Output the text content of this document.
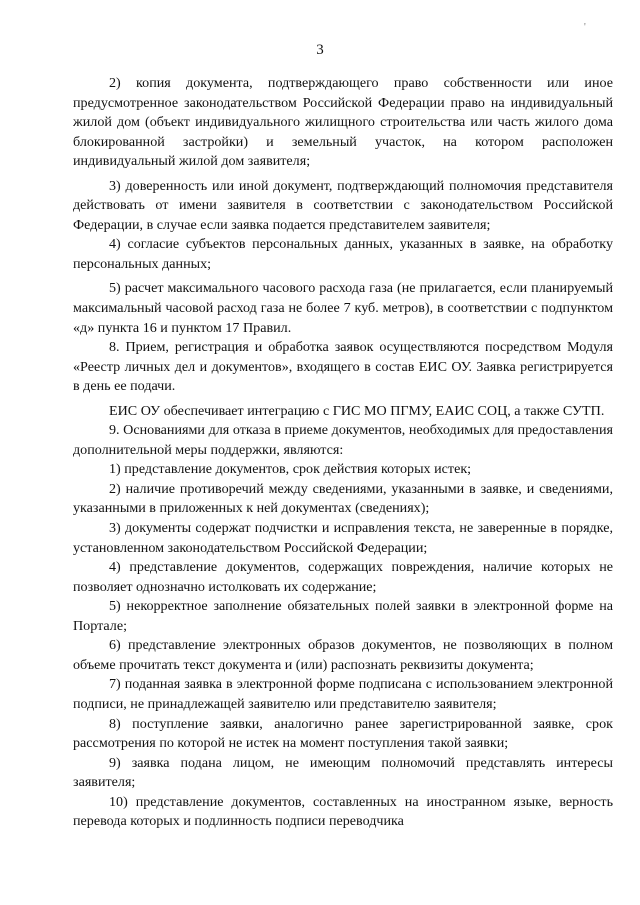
3
'

2) копия документа, подтверждающего право собственности или иное предусмотренное законодательством Российской Федерации право на индивидуальный жилой дом (объект индивидуального жилищного строительства или часть жилого дома блокированной застройки) и земельный участок, на котором расположен индивидуальный жилой дом заявителя;

3) доверенность или иной документ, подтверждающий полномочия представителя действовать от имени заявителя в соответствии с законодательством Российской Федерации, в случае если заявка подается представителем заявителя;

4) согласие субъектов персональных данных, указанных в заявке, на обработку персональных данных;

5) расчет максимального часового расхода газа (не прилагается, если планируемый максимальный часовой расход газа не более 7 куб. метров), в соответствии с подпунктом «д» пункта 16 и пунктом 17 Правил.

8. Прием, регистрация и обработка заявок осуществляются посредством Модуля «Реестр личных дел и документов», входящего в состав ЕИС ОУ. Заявка регистрируется в день ее подачи.

ЕИС ОУ обеспечивает интеграцию с ГИС МО ПГМУ, ЕАИС СОЦ, а также СУТП.

9. Основаниями для отказа в приеме документов, необходимых для предоставления дополнительной меры поддержки, являются:

1) предcтавление документов, срок действия которых истек;

2) наличие противоречий между сведениями, указанными в заявке, и сведениями, указанными в приложенных к ней документах (сведениях);

3) документы содержат подчистки и исправления текста, не заверенные в порядке, установленном законодательством Российской Федерации;

4) представление документов, содержащих повреждения, наличие которых не позволяет однозначно истолковать их содержание;

5) некорректное заполнение обязательных полей заявки в электронной форме на Портале;

6) представление электронных образов документов, не позволяющих в полном объеме прочитать текст документа и (или) распознать реквизиты документа;

7) поданная заявка в электронной форме подписана с использованием электронной подписи, не принадлежащей заявителю или представителю заявителя;

8) поступление заявки, аналогично ранее зарегистрированной заявке, срок рассмотрения по которой не истек на момент поступления такой заявки;

9) заявка подана лицом, не имеющим полномочий представлять интересы заявителя;

10) предcтавление документов, составленных на иностранном языке, верность перевода которых и подлинность подписи переводчика
